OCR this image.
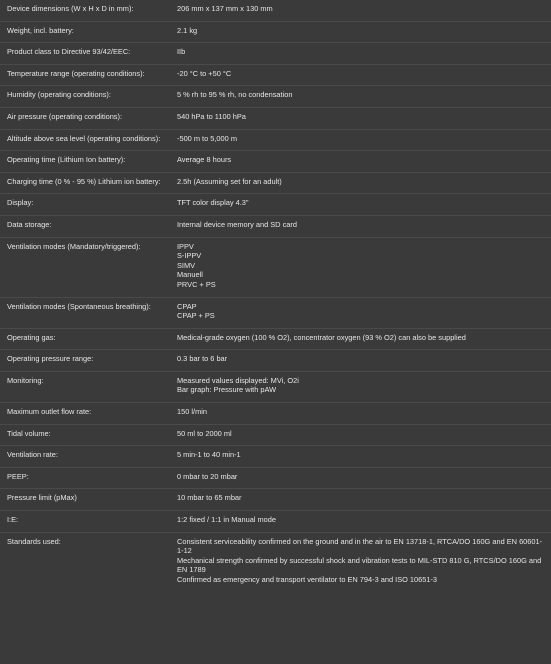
Device dimensions (W x H x D in mm):	206 mm x 137 mm x 130 mm
Weight, incl. battery:	2.1 kg
Product class to Directive 93/42/EEC:	IIb
Temperature range (operating conditions):	-20 °C to +50 °C
Humidity (operating conditions):	5 % rh to 95 % rh, no condensation
Air pressure (operating conditions):	540 hPa to 1100 hPa
Altitude above sea level (operating conditions):	-500 m to 5,000 m
Operating time (Lithium Ion battery):	Average 8 hours
Charging time (0 % - 95 %) Lithium ion battery:	2.5h (Assuming set for an adult)
Display:	TFT color display 4.3"
Data storage:	Internal device memory and SD card
Ventilation modes (Mandatory/triggered):	IPPV
S-IPPV
SIMV
Manuell
PRVC + PS
Ventilation modes (Spontaneous breathing):	CPAP
CPAP + PS
Operating gas:	Medical-grade oxygen (100 % O2), concentrator oxygen (93 % O2) can also be supplied
Operating pressure range:	0.3 bar to 6 bar
Monitoring:	Measured values displayed: MVi, O2i
Bar graph: Pressure with pAW
Maximum outlet flow rate:	150 l/min
Tidal volume:	50 ml to 2000 ml
Ventilation rate:	5 min-1 to 40 min-1
PEEP:	0 mbar to 20 mbar
Pressure limit (pMax)	10 mbar to 65 mbar
I:E:	1:2 fixed / 1:1 in Manual mode
Standards used:	Consistent serviceability confirmed on the ground and in the air to EN 13718-1, RTCA/DO 160G and EN 60601-1-12
Mechanical strength confirmed by successful shock and vibration tests to MIL-STD 810 G, RTCS/DO 160G and EN 1789
Confirmed as emergency and transport ventilator to EN 794-3 and ISO 10651-3
